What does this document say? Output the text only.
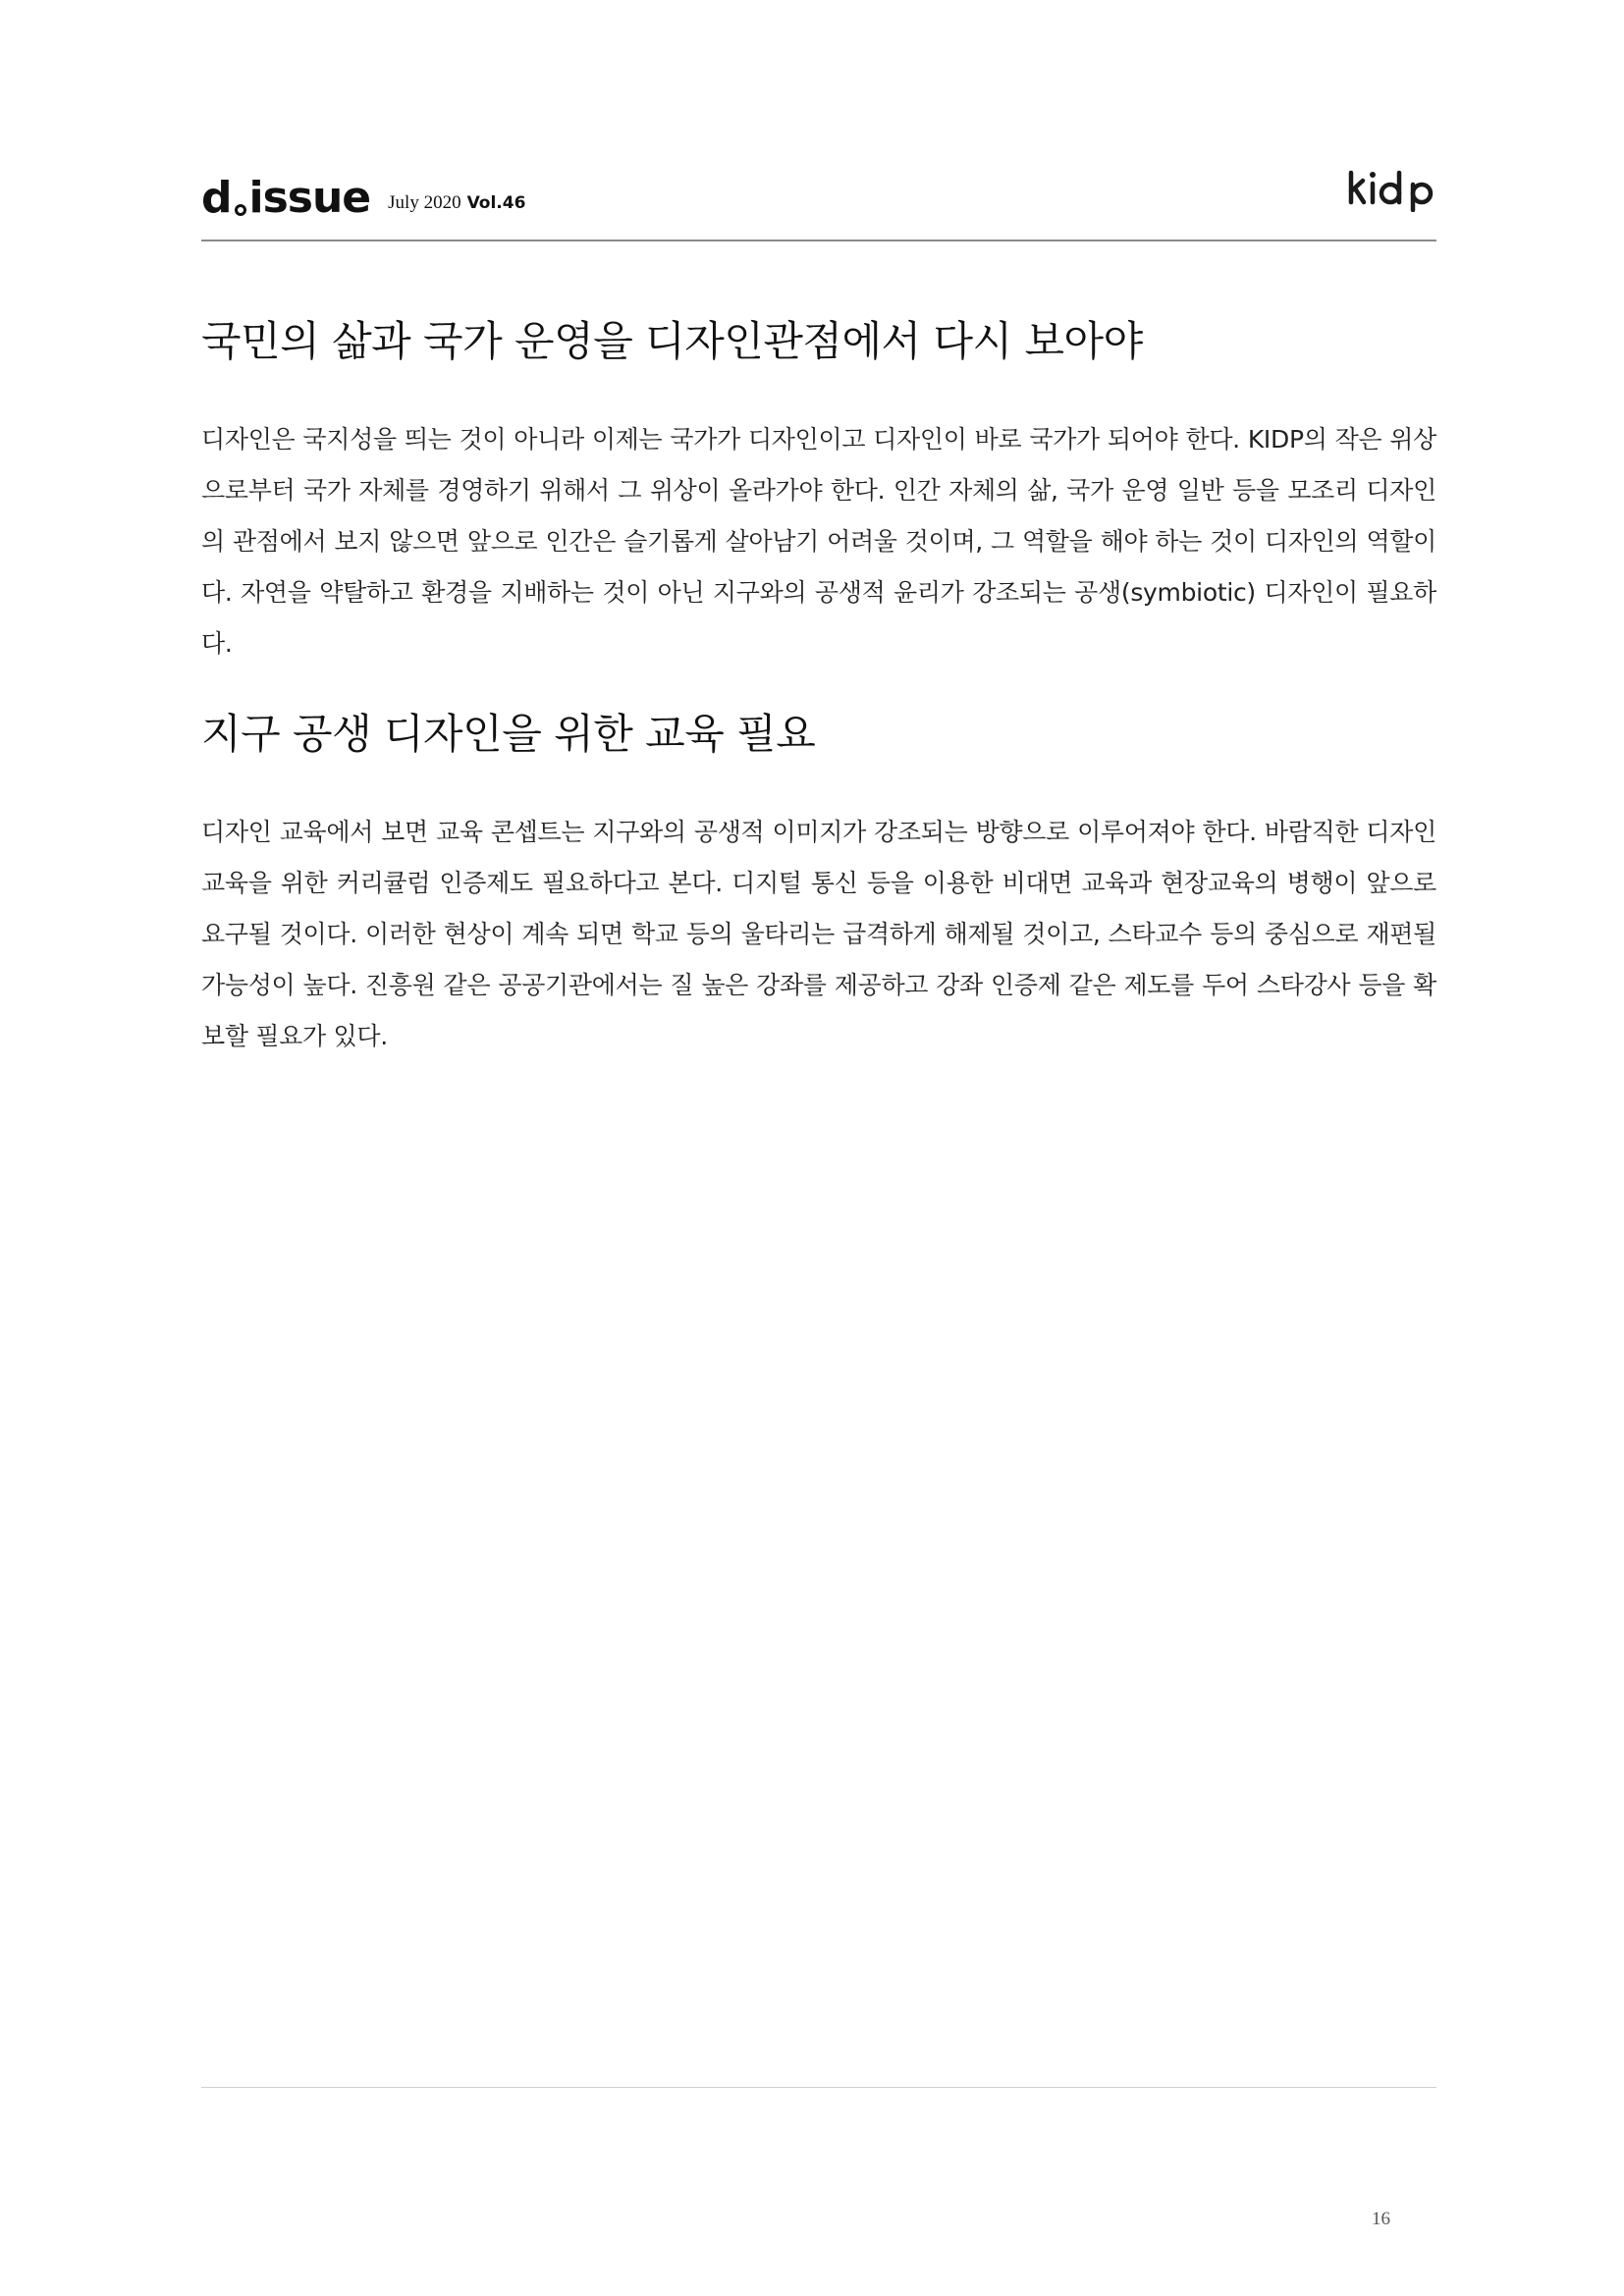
d issue July 2020 Vol.46
국민의 삶과 국가 운영을 디자인관점에서 다시 보아야

디자인은 국지성을 띄는 것이 아니라 이제는 국가가 디자인이고 디자인이 바로 국가가 되어야 한다. KIDP의 작은 위상으로부터 국가 자체를 경영하기 위해서 그 위상이 올라가야 한다. 인간 자체의 삶, 국가 운영 일반 등을 모조리 디자인의 관점에서 보지 않으면 앞으로 인간은 슬기롭게 살아남기 어려울 것이며, 그 역할을 해야 하는 것이 디자인의 역할이다. 자연을 약탈하고 환경을 지배하는 것이 아닌 지구와의 공생적 윤리가 강조되는 공생(symbiotic) 디자인이 필요하다.

지구 공생 디자인을 위한 교육 필요

디자인 교육에서 보면 교육 콘셉트는 지구와의 공생적 이미지가 강조되는 방향으로 이루어져야 한다. 바람직한 디자인교육을 위한 커리큘럼 인증제도 필요하다고 본다. 디지털 통신 등을 이용한 비대면 교육과 현장교육의 병행이 앞으로 요구될 것이다. 이러한 현상이 계속 되면 학교 등의 울타리는 급격하게 해제될 것이고, 스타교수 등의 중심으로 재편될 가능성이 높다. 진흥원 같은 공공기관에서는 질 높은 강좌를 제공하고 강좌 인증제 같은 제도를 두어 스타강사 등을 확보할 필요가 있다.

16
